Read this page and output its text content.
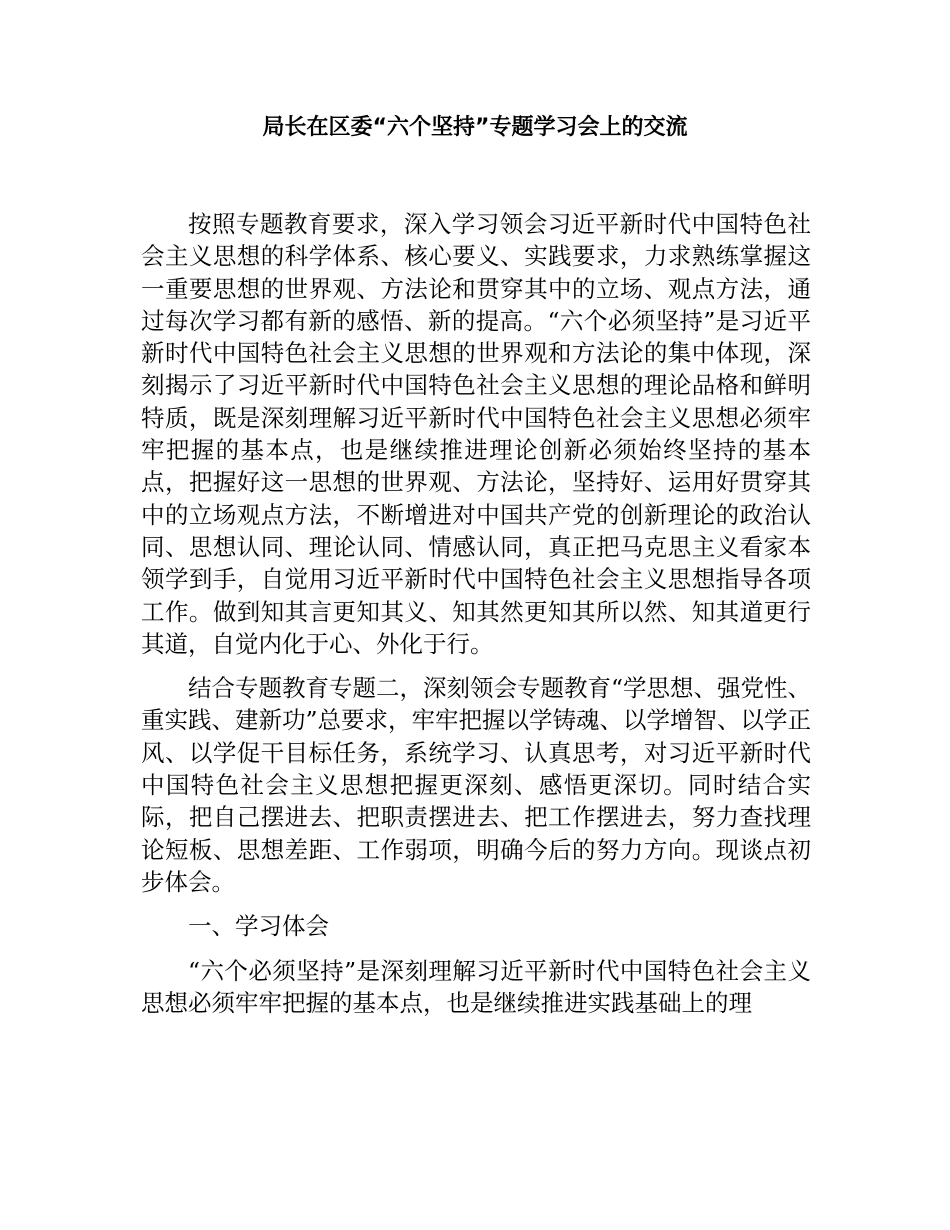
局长在区委“六个坚持”专题学习会上的交流

按照专题教育要求，深入学习领会习近平新时代中国特色社会主义思想的科学体系、核心要义、实践要求，力求熟练掌握这一重要思想的世界观、方法论和贯穿其中的立场、观点方法，通过每次学习都有新的感悟、新的提高。“六个必须坚持”是习近平新时代中国特色社会主义思想的世界观和方法论的集中体现，深刻揭示了习近平新时代中国特色社会主义思想的理论品格和鲜明特质，既是深刻理解习近平新时代中国特色社会主义思想必须牢牢把握的基本点，也是继续推进理论创新必须始终坚持的基本点，把握好这一思想的世界观、方法论，坚持好、运用好贯穿其中的立场观点方法，不断增进对中国共产党的创新理论的政治认同、思想认同、理论认同、情感认同，真正把马克思主义看家本领学到手，自觉用习近平新时代中国特色社会主义思想指导各项工作。做到知其言更知其义、知其然更知其所以然、知其道更行其道，自觉内化于心、外化于行。

结合专题教育专题二，深刻领会专题教育“学思想、强党性、重实践、建新功”总要求，牢牢把握以学铸魂、以学增智、以学正风、以学促干目标任务，系统学习、认真思考，对习近平新时代中国特色社会主义思想把握更深刻、感悟更深切。同时结合实际，把自己摆进去、把职责摆进去、把工作摆进去，努力查找理论短板、思想差距、工作弱项，明确今后的努力方向。现谈点初步体会。

一、学习体会

“六个必须坚持”是深刻理解习近平新时代中国特色社会主义思想必须牢牢把握的基本点，也是继续推进实践基础上的理
